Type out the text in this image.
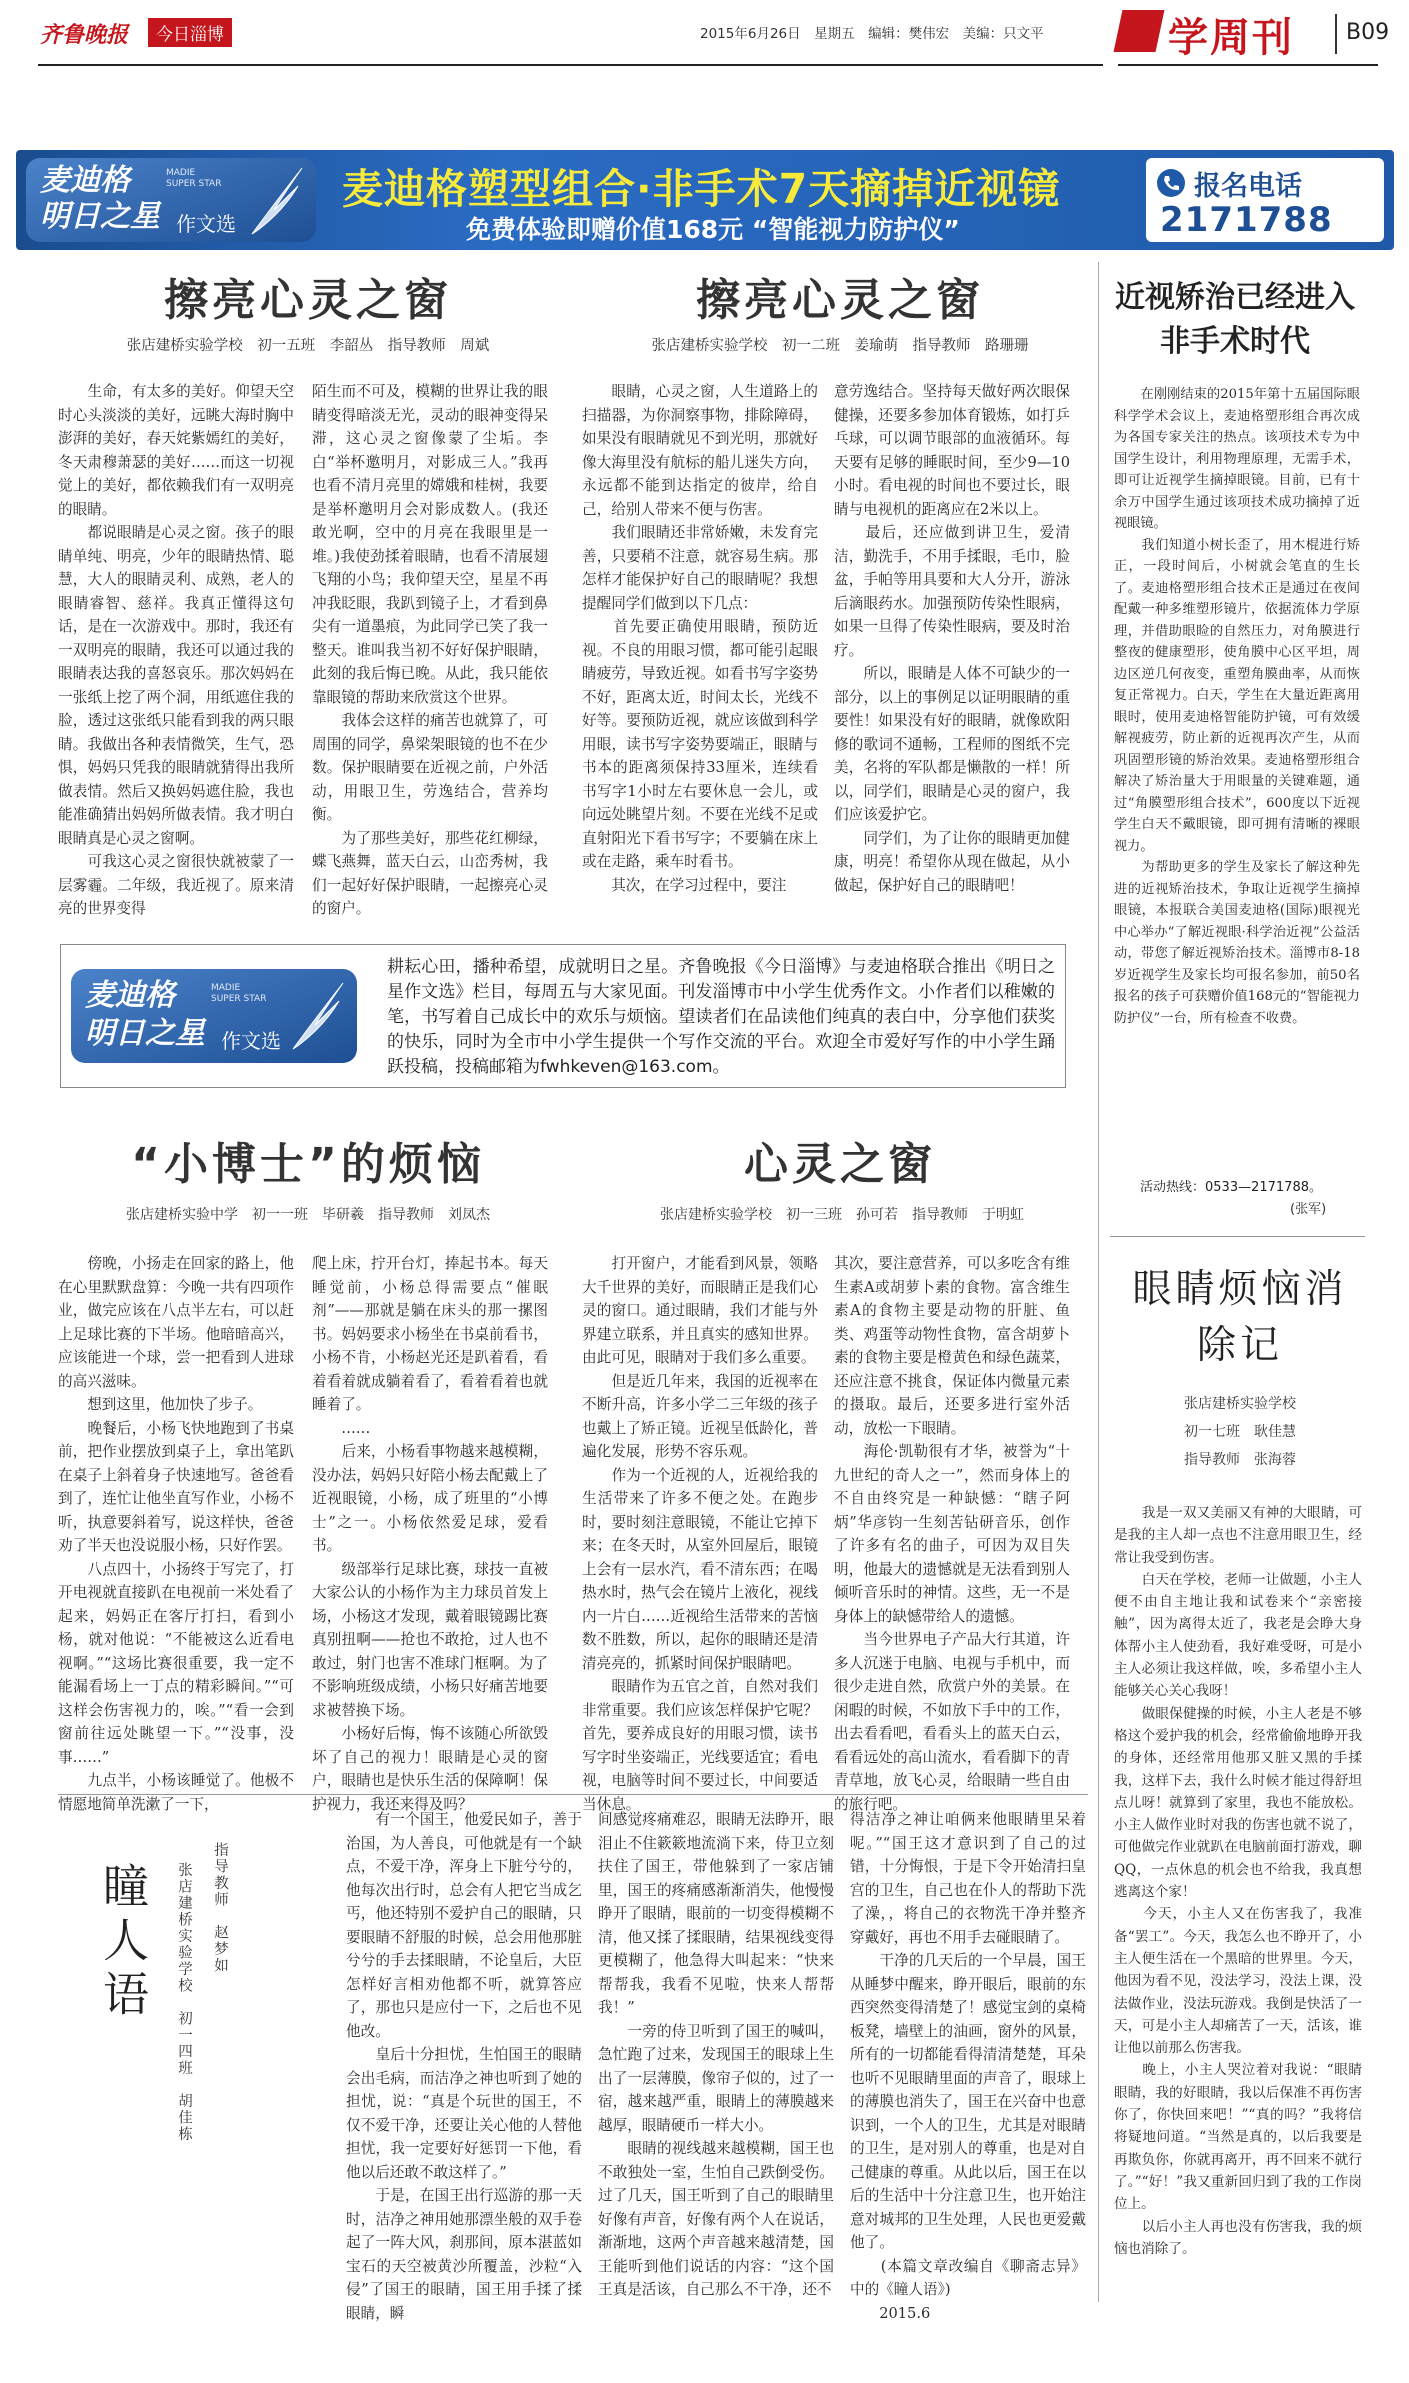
齐鲁晚报	今日淄博	2015年6月26日　 星期五　 编辑：樊伟宏　 美编：只文平	学周刊 B09
麦迪格	MADIE SUPER STAR
明日之星 作文选
麦迪格塑型组合·非手术7天摘掉近视镜
免费体验即赠价值168元 “智能视力防护仪”
报名电话
2171788
擦亮心灵之窗
张店建桥实验学校　初一五班　李韶丛　指导教师　周斌
　　生命，有太多的美好。仰望天空时心头淡淡的美好，远眺大海时胸中澎湃的美好，春天姹紫嫣红的美好，冬天肃穆萧瑟的美好……而这一切视觉上的美好，都依赖我们有一双明亮的眼睛。
　　都说眼睛是心灵之窗。孩子的眼睛单纯、明亮，少年的眼睛热情、聪慧，大人的眼睛灵利、成熟，老人的眼睛睿智、慈祥。我真正懂得这句话，是在一次游戏中。那时，我还有一双明亮的眼睛，我还可以通过我的眼睛表达我的喜怒哀乐。那次妈妈在一张纸上挖了两个洞，用纸遮住我的脸，透过这张纸只能看到我的两只眼睛。我做出各种表情微笑，生气，恐惧，妈妈只凭我的眼睛就猜得出我所做表情。然后又换妈妈遮住脸，我也能准确猜出妈妈所做表情。我才明白眼睛真是心灵之窗啊。
　　可我这心灵之窗很快就被蒙了一层雾霾。二年级，我近视了。原来清亮的世界变得
陌生而不可及，模糊的世界让我的眼睛变得暗淡无光，灵动的眼神变得呆滞，这心灵之窗像蒙了尘垢。李白“举杯邀明月，对影成三人。”我再也看不清月亮里的嫦娥和桂树，我要是举杯邀明月会对影成数人。(我还敢光啊，空中的月亮在我眼里是一堆。)我使劲揉着眼睛，也看不清展翅飞翔的小鸟；我仰望天空，星星不再冲我眨眼，我趴到镜子上，才看到鼻尖有一道墨痕，为此同学已笑了我一整天。谁叫我当初不好好保护眼睛，此刻的我后悔已晚。从此，我只能依靠眼镜的帮助来欣赏这个世界。
　　我体会这样的痛苦也就算了，可周围的同学，鼻梁架眼镜的也不在少数。保护眼睛要在近视之前，户外活动，用眼卫生，劳逸结合，营养均衡。
　　为了那些美好，那些花红柳绿，蝶飞燕舞，蓝天白云，山峦秀树，我们一起好好保护眼睛，一起擦亮心灵的窗户。
擦亮心灵之窗
张店建桥实验学校　初一二班　姜瑜萌　指导教师　路珊珊
　　眼睛，心灵之窗，人生道路上的扫描器，为你洞察事物，排除障碍，如果没有眼睛就见不到光明，那就好像大海里没有航标的船儿迷失方向，永远都不能到达指定的彼岸，给自己，给别人带来不便与伤害。
　　我们眼睛还非常娇嫩，未发育完善，只要稍不注意，就容易生病。那怎样才能保护好自己的眼睛呢？我想提醒同学们做到以下几点：
　　首先要正确使用眼睛，预防近视。不良的用眼习惯，都可能引起眼睛疲劳，导致近视。如看书写字姿势不好，距离太近，时间太长，光线不好等。要预防近视，就应该做到科学用眼，读书写字姿势要端正，眼睛与书本的距离须保持33厘米，连续看书写字1小时左右要休息一会儿，或向远处眺望片刻。不要在光线不足或直射阳光下看书写字；不要躺在床上或在走路，乘车时看书。
　　其次，在学习过程中，要注
意劳逸结合。坚持每天做好两次眼保健操，还要多参加体育锻炼，如打乒乓球，可以调节眼部的血液循环。每天要有足够的睡眠时间，至少9—10小时。看电视的时间也不要过长，眼睛与电视机的距离应在2米以上。
　　最后，还应做到讲卫生，爱清洁，勤洗手，不用手揉眼，毛巾，脸盆，手帕等用具要和大人分开，游泳后滴眼药水。加强预防传染性眼病，如果一旦得了传染性眼病，要及时治疗。
　　所以，眼睛是人体不可缺少的一部分，以上的事例足以证明眼睛的重要性！如果没有好的眼睛，就像欧阳修的歌词不通畅，工程师的图纸不完美，名将的军队都是懒散的一样！所以，同学们，眼睛是心灵的窗户，我们应该爱护它。
　　同学们，为了让你的眼睛更加健康，明亮！希望你从现在做起，从小做起，保护好自己的眼睛吧！
麦迪格	MADIE SUPER STAR
明日之星 作文选
耕耘心田，播种希望，成就明日之星。齐鲁晚报《今日淄博》与麦迪格联合推出《明日之星作文选》栏目，每周五与大家见面。刊发淄博市中小学生优秀作文。小作者们以稚嫩的笔，书写着自己成长中的欢乐与烦恼。望读者们在品读他们纯真的表白中，分享他们获奖的快乐，同时为全市中小学生提供一个写作交流的平台。欢迎全市爱好写作的中小学生踊跃投稿，投稿邮箱为fwhkeven@163.com。
近视矫治已经进入非手术时代
　　在刚刚结束的2015年第十五届国际眼科学学术会议上，麦迪格塑形组合再次成为各国专家关注的热点。该项技术专为中国学生设计，利用物理原理，无需手术，即可让近视学生摘掉眼镜。目前，已有十余万中国学生通过该项技术成功摘掉了近视眼镜。
　　我们知道小树长歪了，用木棍进行矫正，一段时间后，小树就会笔直的生长了。麦迪格塑形组合技术正是通过在夜间配戴一种多维塑形镜片，依据流体力学原理，并借助眼睑的自然压力，对角膜进行整夜的健康塑形，使角膜中心区平坦，周边区逆几何夜变，重塑角膜曲率，从而恢复正常视力。白天，学生在大量近距离用眼时，使用麦迪格智能防护镜，可有效缓解视疲劳，防止新的近视再次产生，从而巩固塑形镜的矫治效果。麦迪格塑形组合解决了矫治量大于用眼量的关键难题，通过“角膜塑形组合技术”，600度以下近视学生白天不戴眼镜，即可拥有清晰的裸眼视力。
　　为帮助更多的学生及家长了解这种先进的近视矫治技术，争取让近视学生摘掉眼镜，本报联合美国麦迪格(国际)眼视光中心举办“了解近视眼·科学治近视”公益活动，带您了解近视矫治技术。淄博市8-18岁近视学生及家长均可报名参加，前50名报名的孩子可获赠价值168元的“智能视力防护仪”一台，所有检查不收费。
活动热线：0533—2171788。
(张军)
“小博士”的烦恼
张店建桥实验中学　初一一班　毕研羲　指导教师　刘凤杰
　　傍晚，小扬走在回家的路上，他在心里默默盘算：今晚一共有四项作业，做完应该在八点半左右，可以赶上足球比赛的下半场。他暗暗高兴，应该能进一个球，尝一把看到人进球的高兴滋味。
　　想到这里，他加快了步子。
　　晚餐后，小杨飞快地跑到了书桌前，把作业摆放到桌子上，拿出笔趴在桌子上斜着身子快速地写。爸爸看到了，连忙让他坐直写作业，小杨不听，执意要斜着写，说这样快，爸爸劝了半天也没说服小杨，只好作罢。
　　八点四十，小扬终于写完了，打开电视就直接趴在电视前一米处看了起来，妈妈正在客厅打扫，看到小杨，就对他说：“不能被这么近看电视啊。”“这场比赛很重要，我一定不能漏看场上一丁点的精彩瞬间。”“可这样会伤害视力的，唉。”“看一会到窗前往远处眺望一下。”“没事，没事……”
　　九点半，小杨该睡觉了。他极不情愿地简单洗漱了一下，
爬上床，拧开台灯，捧起书本。每天睡觉前，小杨总得需要点“催眠剂”——那就是躺在床头的那一摞图书。妈妈要求小杨坐在书桌前看书，小杨不肯，小杨赵光还是趴着看，看着看着就成躺着看了，看着看着也就睡着了。
　　……
　　后来，小杨看事物越来越模糊，没办法，妈妈只好陪小杨去配戴上了近视眼镜，小杨，成了班里的“小博士”之一。小杨依然爱足球，爱看书。
　　级部举行足球比赛，球技一直被大家公认的小杨作为主力球员首发上场，小杨这才发现，戴着眼镜踢比赛真别扭啊——抢也不敢抢，过人也不敢过，射门也害不准球门框啊。为了不影响班级成绩，小杨只好痛苦地要求被替换下场。
　　小杨好后悔，悔不该随心所欲毁坏了自己的视力！眼睛是心灵的窗户，眼睛也是快乐生活的保障啊！保护视力，我还来得及吗？
心灵之窗
张店建桥实验学校　初一三班　孙可若　指导教师　于明虹
　　打开窗户，才能看到风景，领略大千世界的美好，而眼睛正是我们心灵的窗口。通过眼睛，我们才能与外界建立联系，并且真实的感知世界。由此可见，眼睛对于我们多么重要。
　　但是近几年来，我国的近视率在不断升高，许多小学二三年级的孩子也戴上了矫正镜。近视呈低龄化，普遍化发展，形势不容乐观。
　　作为一个近视的人，近视给我的生活带来了许多不便之处。在跑步时，要时刻注意眼镜，不能让它掉下来；在冬天时，从室外回屋后，眼镜上会有一层水汽，看不清东西；在喝热水时，热气会在镜片上液化，视线内一片白……近视给生活带来的苦恼数不胜数，所以，起你的眼睛还是清清亮亮的，抓紧时间保护眼睛吧。
　　眼睛作为五官之首，自然对我们非常重要。我们应该怎样保护它呢？首先，要养成良好的用眼习惯，读书写字时坐姿端正，光线要适宜；看电视，电脑等时间不要过长，中间要适当休息。
其次，要注意营养，可以多吃含有维生素A或胡萝卜素的食物。富含维生素A的食物主要是动物的肝脏、鱼类、鸡蛋等动物性食物，富含胡萝卜素的食物主要是橙黄色和绿色蔬菜，还应注意不挑食，保证体内微量元素的摄取。最后，还要多进行室外活动，放松一下眼睛。
　　海伦·凯勒很有才华，被誉为“十九世纪的奇人之一”，然而身体上的不自由终究是一种缺憾：“瞎子阿炳”华彦钧一生刻苦钻研音乐，创作了许多有名的曲子，可因为双目失明，他最大的遗憾就是无法看到别人倾听音乐时的神情。这些，无一不是身体上的缺憾带给人的遗憾。
　　当今世界电子产品大行其道，许多人沉迷于电脑、电视与手机中，而很少走进自然，欣赏户外的美景。在闲暇的时候，不如放下手中的工作，出去看看吧，看看头上的蓝天白云，看看远处的高山流水，看看脚下的青青草地，放飞心灵，给眼睛一些自由的旅行吧。
眼睛烦恼消除记
张店建桥实验学校
初一七班　耿佳慧
指导教师　张海蓉
　　我是一双又美丽又有神的大眼睛，可是我的主人却一点也不注意用眼卫生，经常让我受到伤害。
　　白天在学校，老师一让做题，小主人便不由自主地让我和试卷来个“亲密接触”，因为离得太近了，我老是会睁大身体帮小主人使劲看，我好难受呀，可是小主人必须让我这样做，唉，多希望小主人能够关心关心我呀！
　　做眼保健操的时候，小主人老是不够格这个爱护我的机会，经常偷偷地睁开我的身体，还经常用他那又脏又黑的手揉我，这样下去，我什么时候才能过得舒坦点儿呀！就算到了家里，我也不能放松。小主人做作业时对我的伤害也就不说了，可他做完作业就趴在电脑前面打游戏，聊QQ，一点休息的机会也不给我，我真想逃离这个家！
　　今天，小主人又在伤害我了，我准备“罢工”。今天，我怎么也不睁开了，小主人便生活在一个黑暗的世界里。今天，他因为看不见，没法学习，没法上课，没法做作业，没法玩游戏。我倒是快活了一天，可是小主人却痛苦了一天，活该，谁让他以前那么伤害我。
　　晚上，小主人哭泣着对我说：“眼睛眼睛，我的好眼睛，我以后保准不再伤害你了，你快回来吧！”“真的吗？”我将信将疑地问道。“当然是真的，以后我要是再欺负你，你就再离开，再不回来不就行了。”“好！”我又重新回归到了我的工作岗位上。
　　以后小主人再也没有伤害我，我的烦恼也消除了。
瞳人语	指导教师　赵梦如
张店建桥实验学校　初一四班　胡佳栋
　　有一个国王，他爱民如子，善于治国，为人善良，可他就是有一个缺点，不爱干净，浑身上下脏兮兮的，他每次出行时，总会有人把它当成乞丐，他还特别不爱护自己的眼睛，只要眼睛不舒服的时候，总会用他那脏兮兮的手去揉眼睛，不论皇后，大臣怎样好言相劝他都不听，就算答应了，那也只是应付一下，之后也不见他改。
　　皇后十分担忧，生怕国王的眼睛会出毛病，而洁净之神也听到了她的担忧，说：“真是个玩世的国王，不仅不爱干净，还要让关心他的人替他担忧，我一定要好好惩罚一下他，看他以后还敢不敢这样了。”
　　于是，在国王出行巡游的那一天时，洁净之神用她那漂坐般的双手卷起了一阵大风，刹那间，原本湛蓝如宝石的天空被黄沙所覆盖，沙粒“入侵”了国王的眼睛，国王用手揉了揉眼睛，瞬
间感觉疼痛难忍，眼睛无法睁开，眼泪止不住簌簌地流淌下来，侍卫立刻扶住了国王，带他躲到了一家店铺里，国王的疼痛感渐渐消失，他慢慢睁开了眼睛，眼前的一切变得模糊不清，他又揉了揉眼睛，结果视线变得更模糊了，他急得大叫起来：“快来帮帮我，我看不见啦，快来人帮帮我！”
　　一旁的侍卫听到了国王的喊叫，急忙跑了过来，发现国王的眼球上生出了一层薄膜，像帘子似的，过了一宿，越来越严重，眼睛上的薄膜越来越厚，眼睛硬币一样大小。
　　眼睛的视线越来越模糊，国王也不敢独处一室，生怕自己跌倒受伤。过了几天，国王听到了自己的眼睛里好像有声音，好像有两个人在说话，渐渐地，这两个声音越来越清楚，国王能听到他们说话的内容：“这个国王真是活该，自己那么不干净，还不
得洁净之神让咱俩来他眼睛里呆着呢。”“国王这才意识到了自己的过错，十分悔恨，于是下令开始清扫皇宫的卫生，自己也在仆人的帮助下洗了澡，，将自己的衣物洗干净并整齐穿戴好，再也不用手去碰眼睛了。
　　干净的几天后的一个早晨，国王从睡梦中醒来，睁开眼后，眼前的东西突然变得清楚了！感觉宝剑的桌椅板凳，墙壁上的油画，窗外的风景，所有的一切都能看得清清楚楚，耳朵也听不见眼睛里面的声音了，眼球上的薄膜也消失了，国王在兴奋中也意识到，一个人的卫生，尤其是对眼睛的卫生，是对别人的尊重，也是对自己健康的尊重。从此以后，国王在以后的生活中十分注意卫生，也开始注意对城邦的卫生处理，人民也更爱戴他了。
　　(本篇文章改编自《聊斋志异》中的《瞳人语》)
　　2015.6
